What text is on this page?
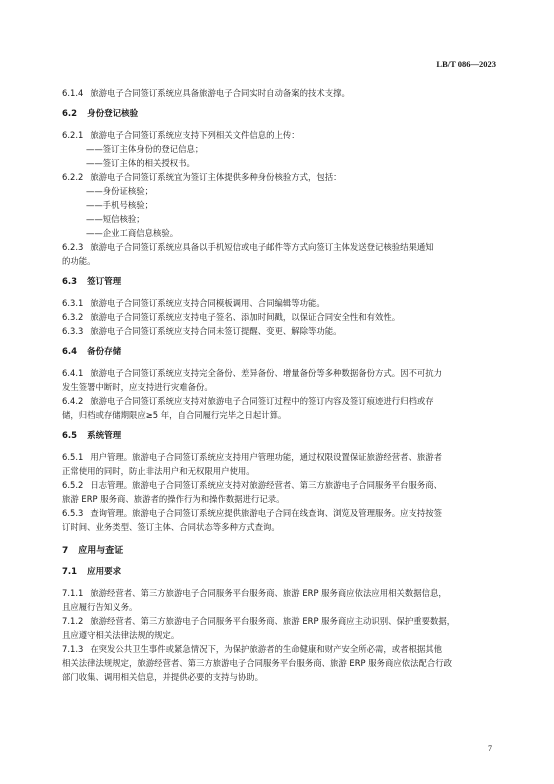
LB/T 086—2023

6.1.4 旅游电子合同签订系统应具备旅游电子合同实时自动备案的技术支撑。

6.2 身份登记核验

6.2.1 旅游电子合同签订系统应支持下列相关文件信息的上传：

——签订主体身份的登记信息；

——签订主体的相关授权书。

6.2.2 旅游电子合同签订系统宜为签订主体提供多种身份核验方式，包括：

——身份证核验；

——手机号核验；

——短信核验；

——企业工商信息核验。

6.2.3 旅游电子合同签订系统应具备以手机短信或电子邮件等方式向签订主体发送登记核验结果通知

的功能。

6.3 签订管理

6.3.1 旅游电子合同签订系统应支持合同模板调用、合同编辑等功能。

6.3.2 旅游电子合同签订系统应支持电子签名、添加时间戳，以保证合同安全性和有效性。

6.3.3 旅游电子合同签订系统应支持合同未签订提醒、变更、解除等功能。

6.4 备份存储

6.4.1 旅游电子合同签订系统应支持完全备份、差异备份、增量备份等多种数据备份方式。因不可抗力

发生签署中断时，应支持进行灾难备份。

6.4.2 旅游电子合同签订系统应支持对旅游电子合同签订过程中的签订内容及签订痕迹进行归档或存

储，归档或存储期限应≥5 年，自合同履行完毕之日起计算。

6.5 系统管理

6.5.1 用户管理。旅游电子合同签订系统应支持用户管理功能，通过权限设置保证旅游经营者、旅游者

正常使用的同时，防止非法用户和无权限用户使用。

6.5.2 日志管理。旅游电子合同签订系统应支持对旅游经营者、第三方旅游电子合同服务平台服务商、

旅游 ERP 服务商、旅游者的操作行为和操作数据进行记录。

6.5.3 查询管理。旅游电子合同签订系统应提供旅游电子合同在线查询、浏览及管理服务。应支持按签

订时间、业务类型、签订主体、合同状态等多种方式查询。

7 应用与查证

7.1 应用要求

7.1.1 旅游经营者、第三方旅游电子合同服务平台服务商、旅游 ERP 服务商应依法应用相关数据信息，

且应履行告知义务。

7.1.2 旅游经营者、第三方旅游电子合同服务平台服务商、旅游 ERP 服务商应主动识别、保护重要数据，

且应遵守相关法律法规的规定。

7.1.3 在突发公共卫生事件或紧急情况下，为保护旅游者的生命健康和财产安全所必需，或者根据其他

相关法律法规规定，旅游经营者、第三方旅游电子合同服务平台服务商、旅游 ERP 服务商应依法配合行政

部门收集、调用相关信息，并提供必要的支持与协助。

7
